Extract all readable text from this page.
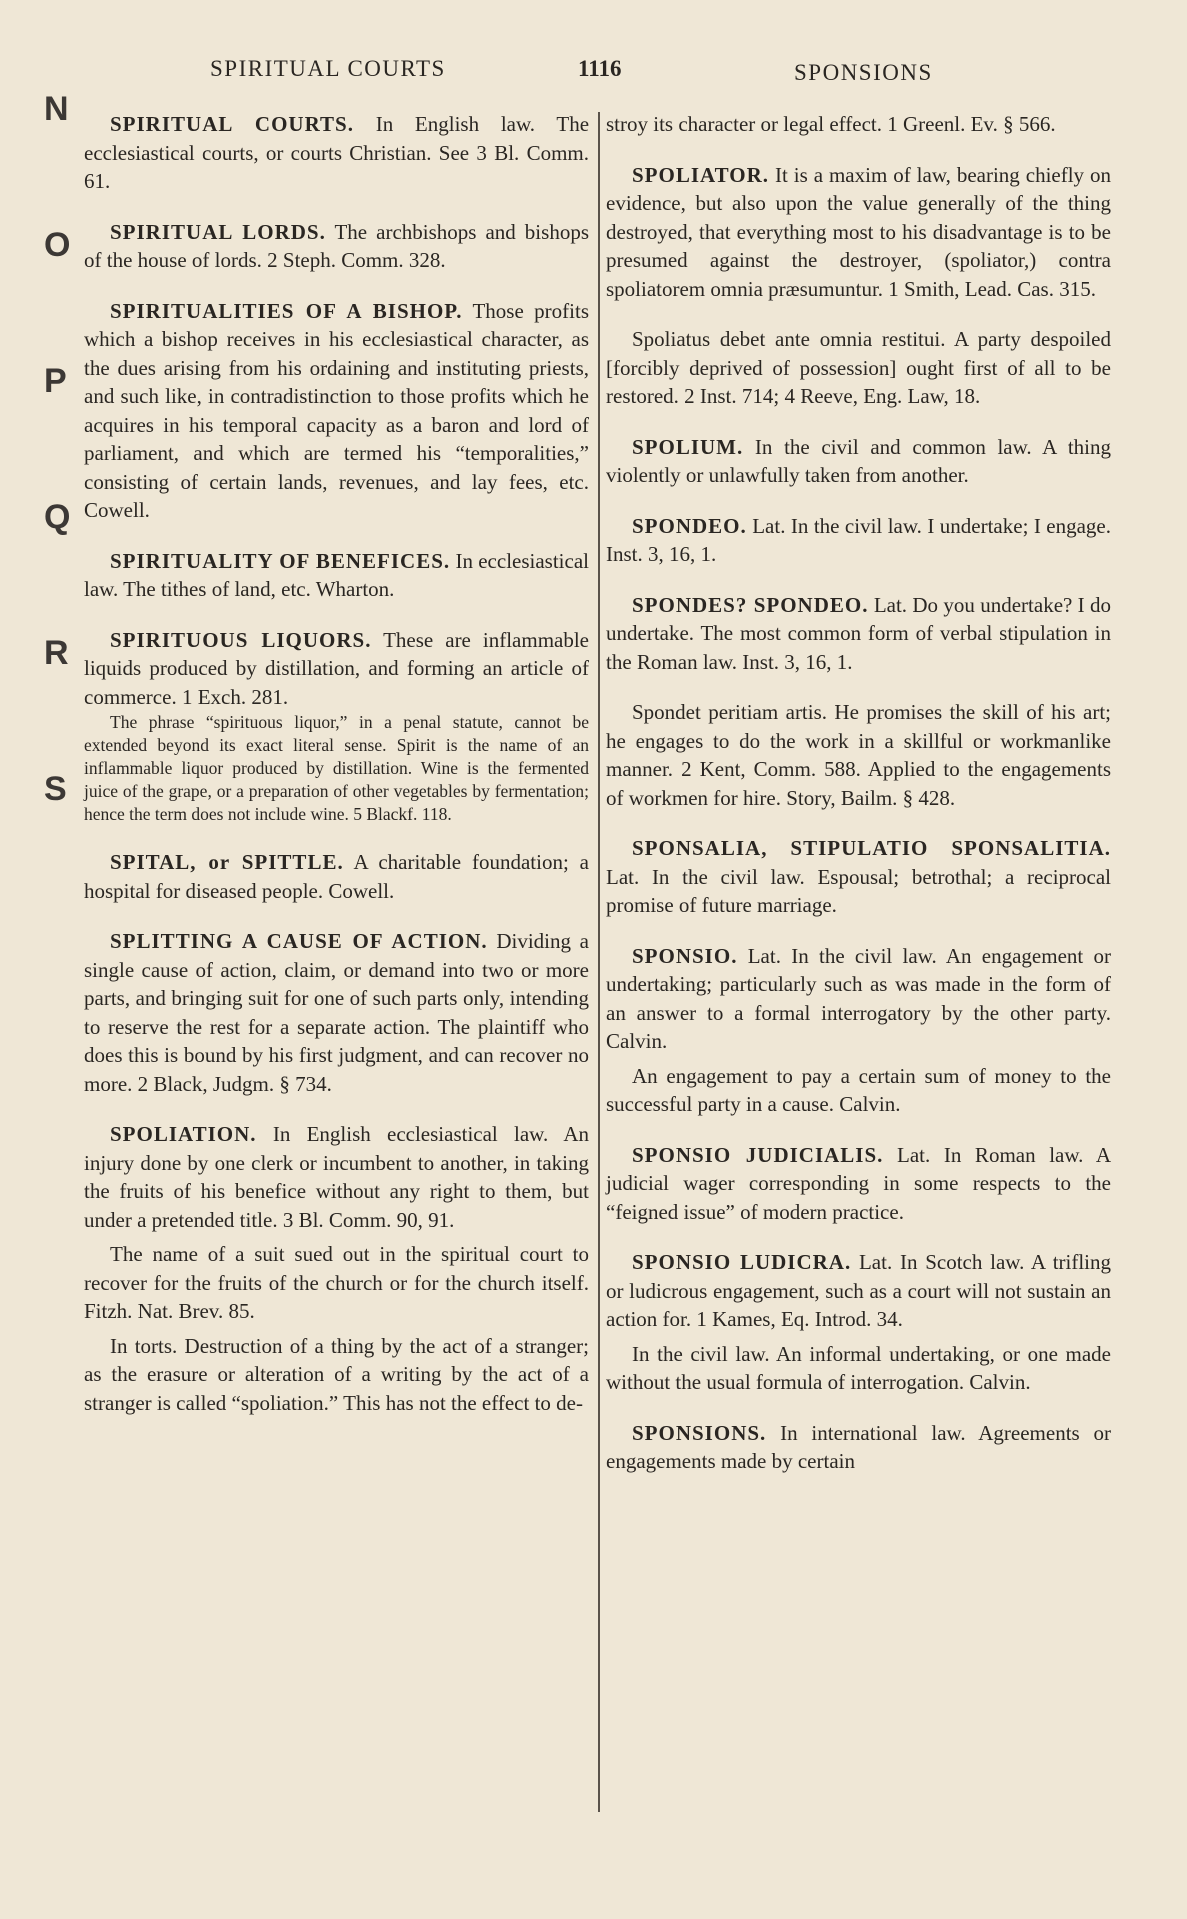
SPIRITUAL COURTS	1116	SPONSIONS
N
O
P
Q
R
S

SPIRITUAL COURTS. In English law. The ecclesiastical courts, or courts Christian. See 3 Bl. Comm. 61.

SPIRITUAL LORDS. The archbishops and bishops of the house of lords. 2 Steph. Comm. 328.

SPIRITUALITIES OF A BISHOP. Those profits which a bishop receives in his ecclesiastical character, as the dues arising from his ordaining and instituting priests, and such like, in contradistinction to those profits which he acquires in his temporal capacity as a baron and lord of parliament, and which are termed his “temporalities,” consisting of certain lands, revenues, and lay fees, etc. Cowell.

SPIRITUALITY OF BENEFICES. In ecclesiastical law. The tithes of land, etc. Wharton.

SPIRITUOUS LIQUORS. These are inflammable liquids produced by distillation, and forming an article of commerce. 1 Exch. 281.

The phrase “spirituous liquor,” in a penal statute, cannot be extended beyond its exact literal sense. Spirit is the name of an inflammable liquor produced by distillation. Wine is the fermented juice of the grape, or a preparation of other vegetables by fermentation; hence the term does not include wine. 5 Blackf. 118.

SPITAL, or SPITTLE. A charitable foundation; a hospital for diseased people. Cowell.

SPLITTING A CAUSE OF ACTION. Dividing a single cause of action, claim, or demand into two or more parts, and bringing suit for one of such parts only, intending to reserve the rest for a separate action. The plaintiff who does this is bound by his first judgment, and can recover no more. 2 Black, Judgm. § 734.

SPOLIATION. In English ecclesiastical law. An injury done by one clerk or incumbent to another, in taking the fruits of his benefice without any right to them, but under a pretended title. 3 Bl. Comm. 90, 91.

The name of a suit sued out in the spiritual court to recover for the fruits of the church or for the church itself. Fitzh. Nat. Brev. 85.

In torts. Destruction of a thing by the act of a stranger; as the erasure or alteration of a writing by the act of a stranger is called “spoliation.” This has not the effect to de-

stroy its character or legal effect. 1 Greenl. Ev. § 566.

SPOLIATOR. It is a maxim of law, bearing chiefly on evidence, but also upon the value generally of the thing destroyed, that everything most to his disadvantage is to be presumed against the destroyer, (spoliator,) contra spoliatorem omnia præsumuntur. 1 Smith, Lead. Cas. 315.

Spoliatus debet ante omnia restitui. A party despoiled [forcibly deprived of possession] ought first of all to be restored. 2 Inst. 714; 4 Reeve, Eng. Law, 18.

SPOLIUM. In the civil and common law. A thing violently or unlawfully taken from another.

SPONDEO. Lat. In the civil law. I undertake; I engage. Inst. 3, 16, 1.

SPONDES? SPONDEO. Lat. Do you undertake? I do undertake. The most common form of verbal stipulation in the Roman law. Inst. 3, 16, 1.

Spondet peritiam artis. He promises the skill of his art; he engages to do the work in a skillful or workmanlike manner. 2 Kent, Comm. 588. Applied to the engagements of workmen for hire. Story, Bailm. § 428.

SPONSALIA, STIPULATIO SPONSALITIA. Lat. In the civil law. Espousal; betrothal; a reciprocal promise of future marriage.

SPONSIO. Lat. In the civil law. An engagement or undertaking; particularly such as was made in the form of an answer to a formal interrogatory by the other party. Calvin.

An engagement to pay a certain sum of money to the successful party in a cause. Calvin.

SPONSIO JUDICIALIS. Lat. In Roman law. A judicial wager corresponding in some respects to the “feigned issue” of modern practice.

SPONSIO LUDICRA. Lat. In Scotch law. A trifling or ludicrous engagement, such as a court will not sustain an action for. 1 Kames, Eq. Introd. 34.

In the civil law. An informal undertaking, or one made without the usual formula of interrogation. Calvin.

SPONSIONS. In international law. Agreements or engagements made by certain
